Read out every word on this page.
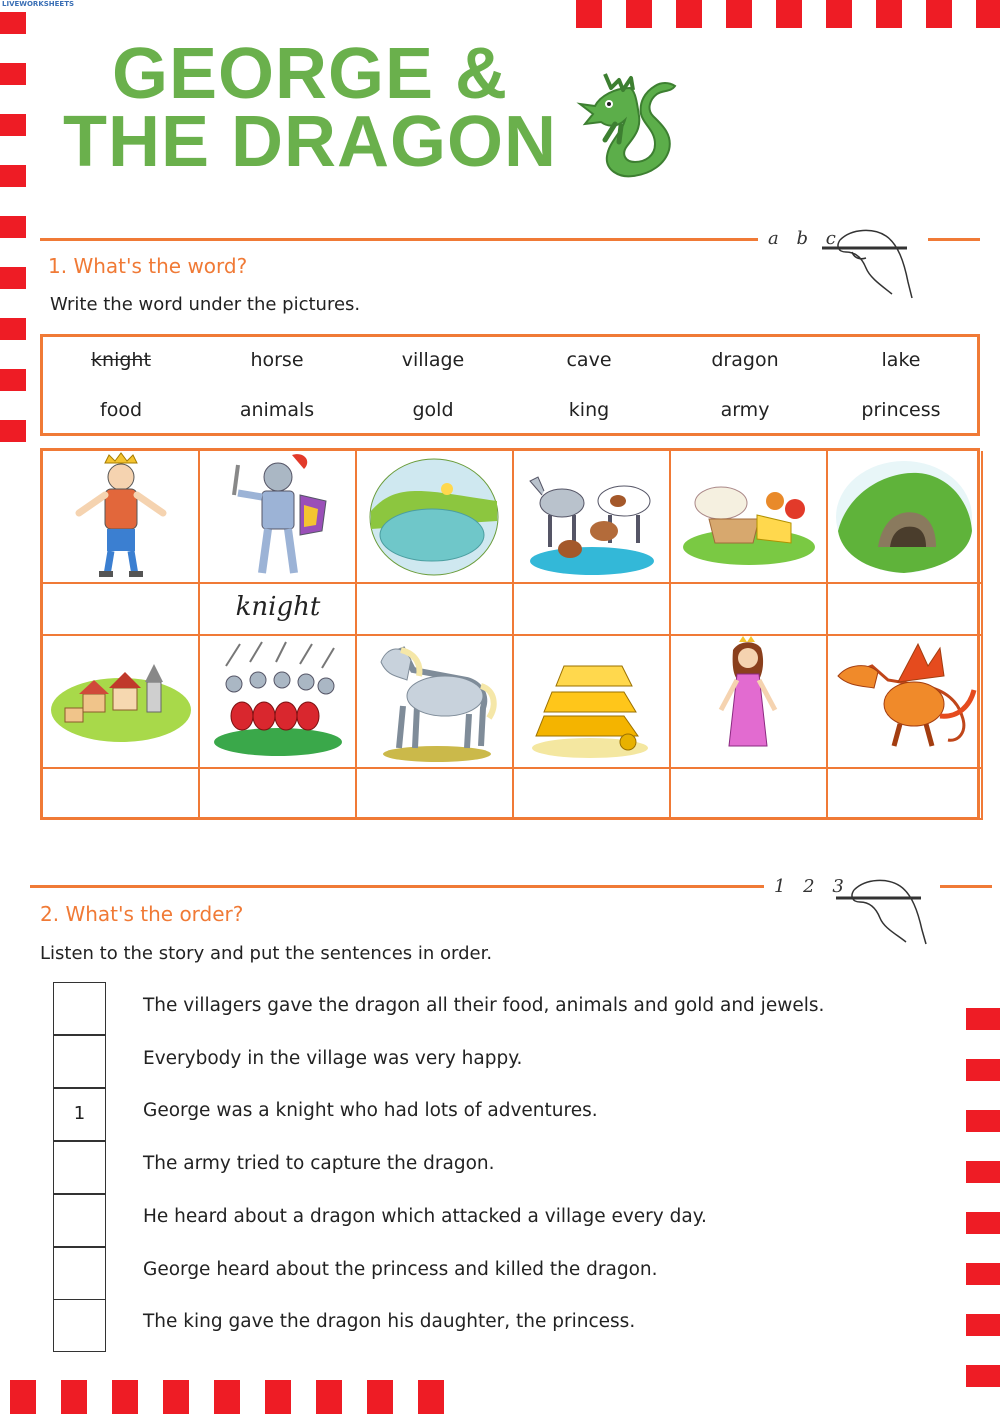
LIVEWORKSHEETS
GEORGE &
THE DRAGON
a b c
1. What's the word?
Write the word under the pictures.
knight	horse	village	cave	dragon	lake
food	animals	gold	king	army	princess
knight
1 2 3
2. What's the order?
Listen to the story and put the sentences in order.
The villagers gave the dragon all their food, animals and gold and jewels.
Everybody in the village was very happy.
1	George was a knight who had lots of adventures.
The army tried to capture the dragon.
He heard about a dragon which attacked a village every day.
George heard about the princess and killed the dragon.
The king gave the dragon his daughter, the princess.
